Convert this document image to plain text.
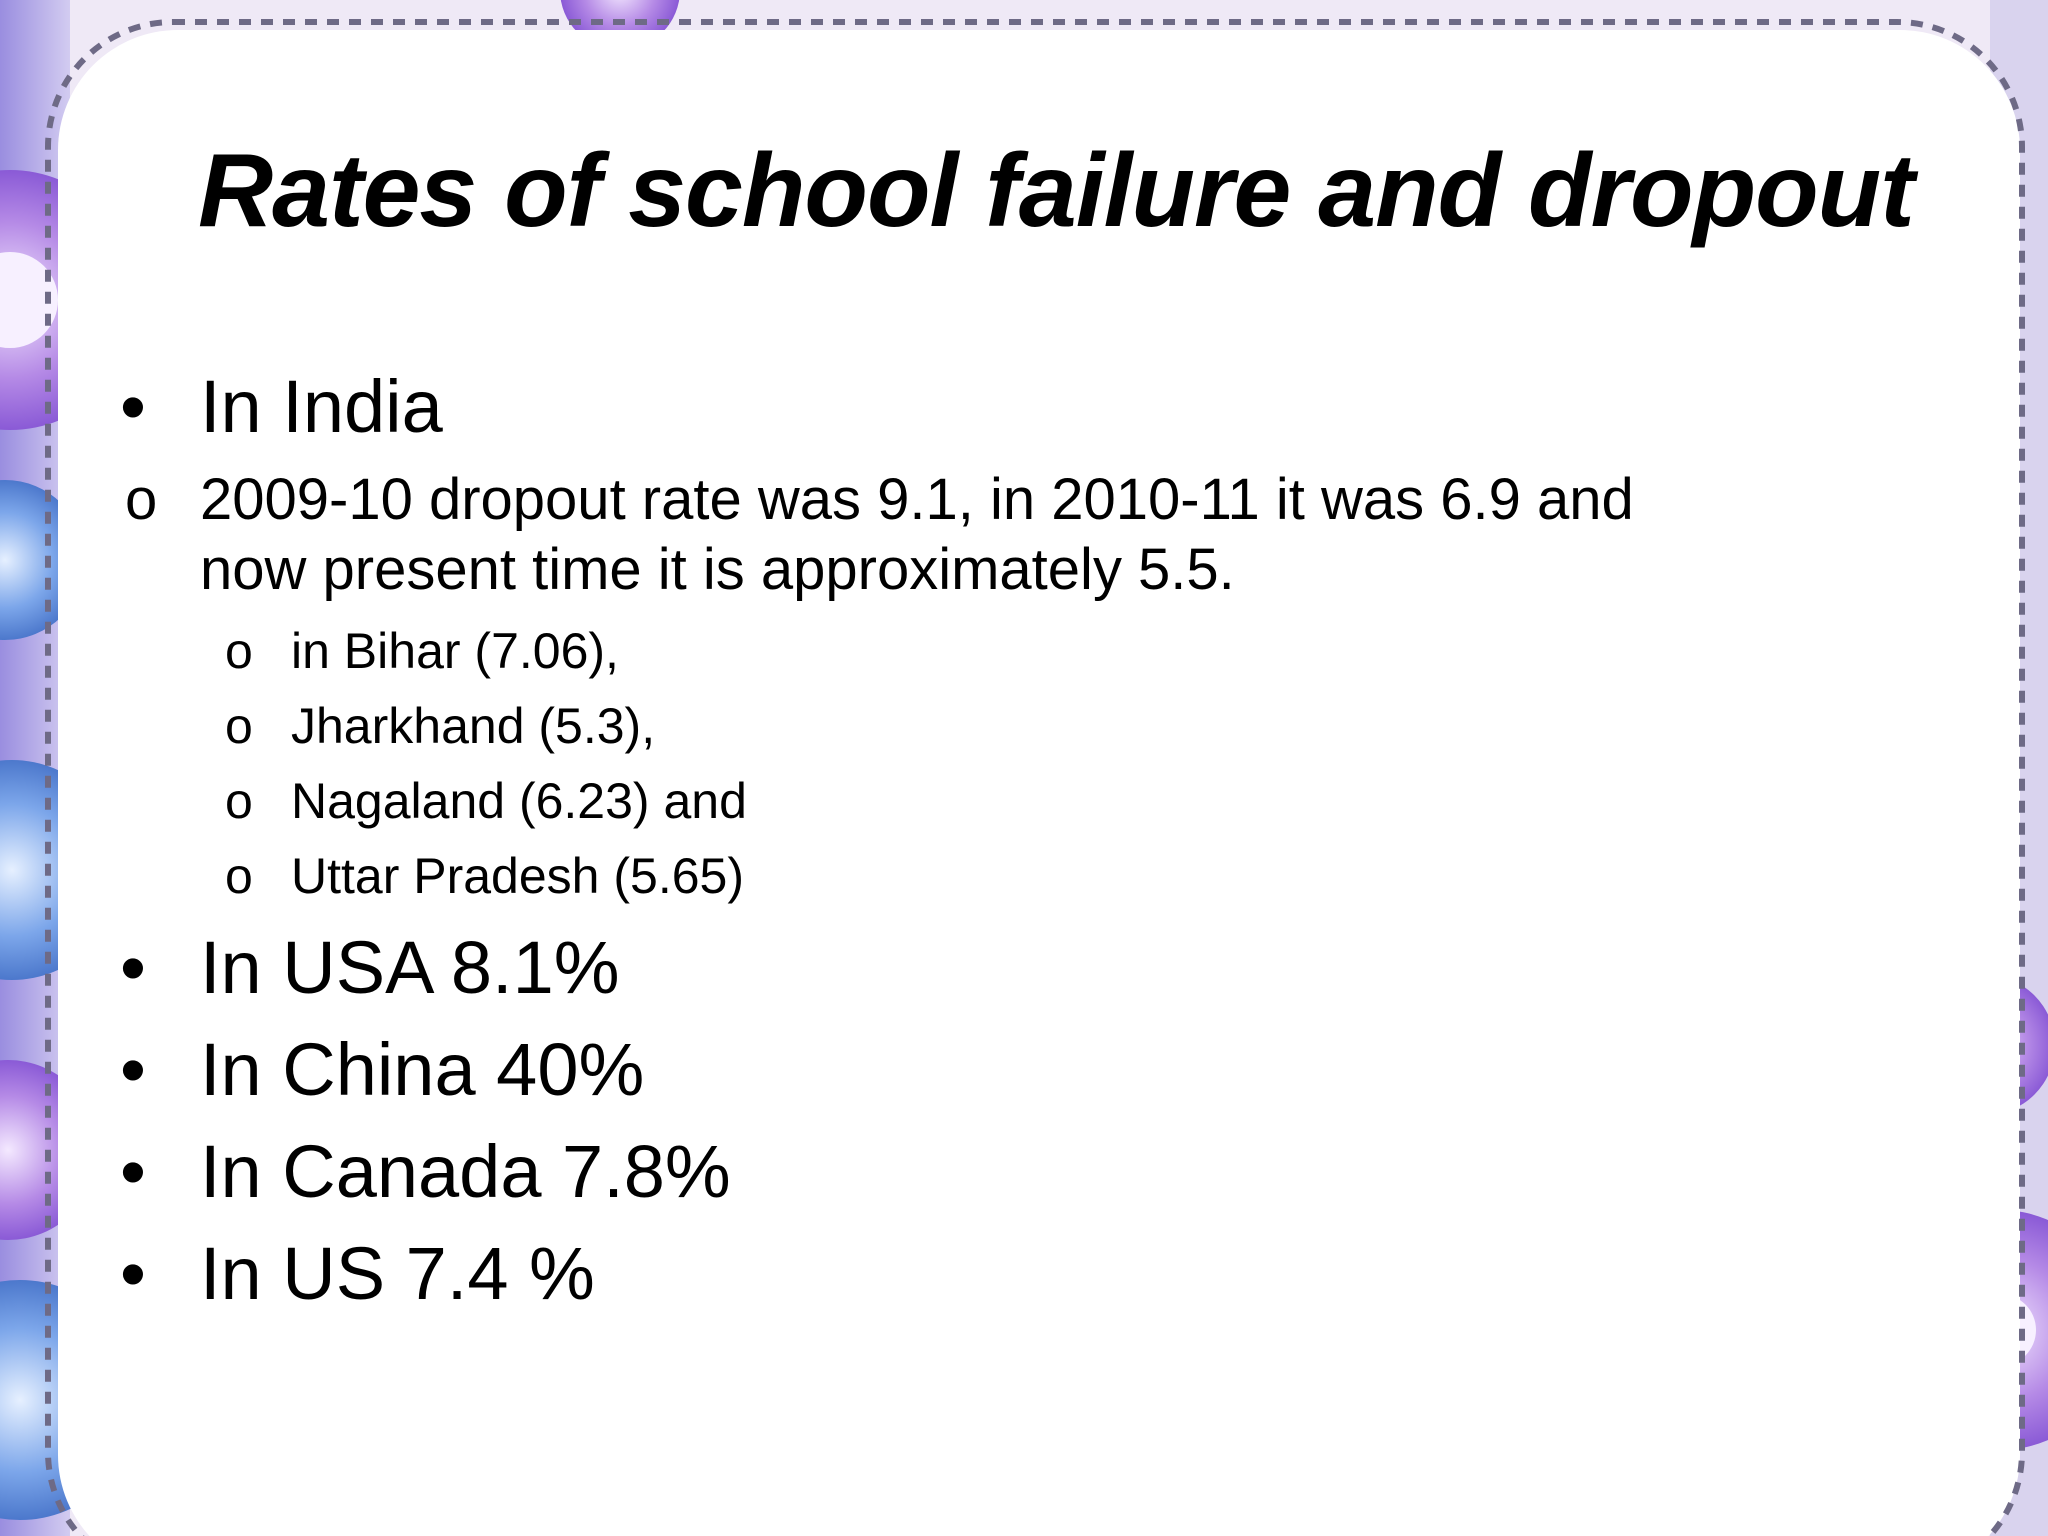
Rates of school failure and dropout
• In India
o 2009-10 dropout rate was 9.1, in 2010-11 it was 6.9 and
now present time it is approximately 5.5.
o in Bihar (7.06),
o Jharkhand (5.3),
o Nagaland (6.23) and
o Uttar Pradesh (5.65)
• In USA 8.1%
• In China 40%
• In Canada 7.8%
• In US 7.4 %
